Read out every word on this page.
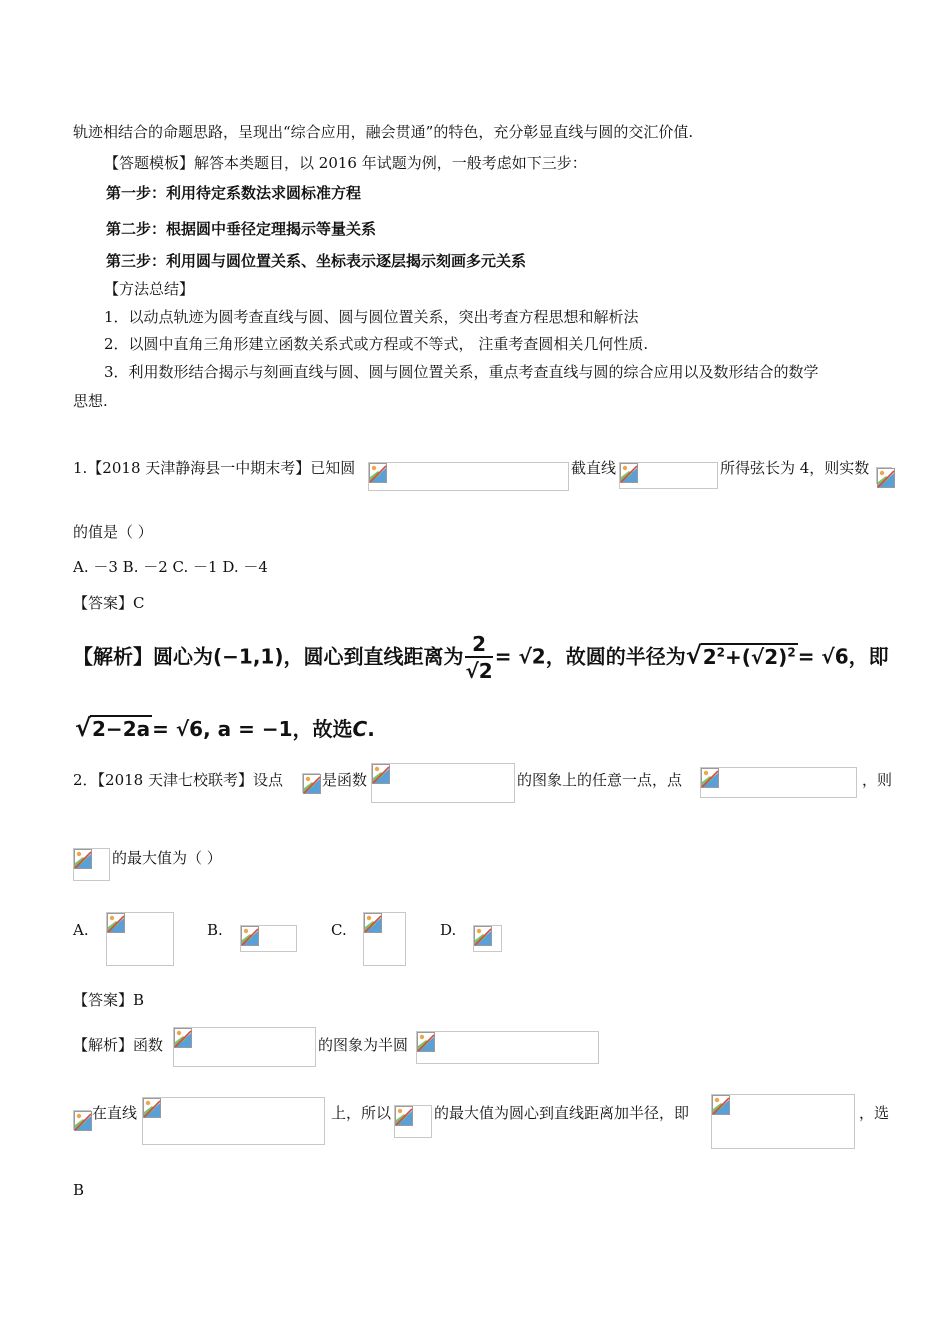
轨迹相结合的命题思路，呈现出“综合应用，融会贯通”的特色，充分彰显直线与圆的交汇价值.
【答题模板】解答本类题目，以 2016 年试题为例，一般考虑如下三步：
第一步：利用待定系数法求圆标准方程
第二步：根据圆中垂径定理揭示等量关系
第三步：利用圆与圆位置关系、坐标表示逐层揭示刻画多元关系
【方法总结】
1．以动点轨迹为圆考查直线与圆、圆与圆位置关系，突出考查方程思想和解析法
2．以圆中直角三角形建立函数关系式或方程或不等式， 注重考查圆相关几何性质.
3．利用数形结合揭示与刻画直线与圆、圆与圆位置关系，重点考查直线与圆的综合应用以及数形结合的数学
思想.
1.【2018 天津静海县一中期末考】已知圆	截直线	所得弦长为 4，则实数
的值是（ ）
A. －3 B. －2 C. －1 D. －4
【答案】C
【解析】圆心为(−1,1)，圆心到直线距离为 $\frac{2}{√2} = √2$，故圆的半径为$√2^2+(√2)^2 = √6$，即
√2−2a = √6, a = −1，故选C.
2．【2018 天津七校联考】设点	是函数	的图象上的任意一点，点	，则
的最大值为（ ）
A.	B.	C.	D.
【答案】B
【解析】函数	的图象为半圆
在直线	上，所以	的最大值为圆心到直线距离加半径，即	，选
B
